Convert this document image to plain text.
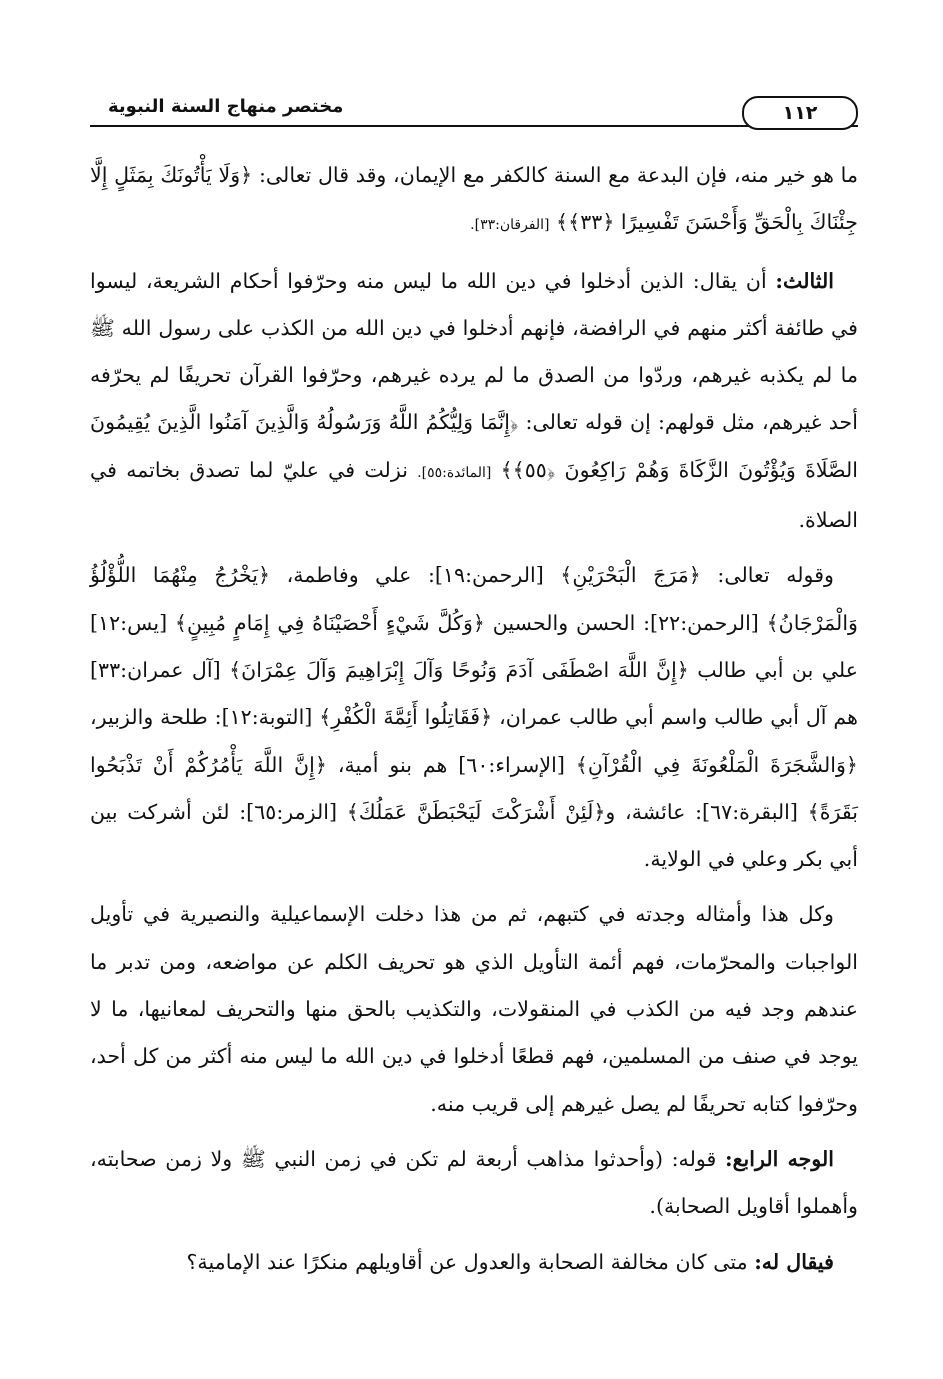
١١٢
مختصر منهاج السنة النبوية

ما هو خير منه، فإن البدعة مع السنة كالكفر مع الإيمان، وقد قال تعالى: ﴿وَلَا يَأْتُونَكَ بِمَثَلٍ إِلَّا جِئْنَاكَ بِالْحَقِّ وَأَحْسَنَ تَفْسِيرًا ﴿٣٣﴾﴾ [الفرقان:٣٣].

الثالث: أن يقال: الذين أدخلوا في دين الله ما ليس منه وحرّفوا أحكام الشريعة، ليسوا في طائفة أكثر منهم في الرافضة، فإنهم أدخلوا في دين الله من الكذب على رسول الله ﷺ ما لم يكذبه غيرهم، وردّوا من الصدق ما لم يرده غيرهم، وحرّفوا القرآن تحريفًا لم يحرّفه أحد غيرهم، مثل قولهم: إن قوله تعالى: ﴿إِنَّمَا وَلِيُّكُمُ اللَّهُ وَرَسُولُهُ وَالَّذِينَ آمَنُوا الَّذِينَ يُقِيمُونَ الصَّلَاةَ وَيُؤْتُونَ الزَّكَاةَ وَهُمْ رَاكِعُونَ ﴿٥٥﴾﴾ [المائدة:٥٥]. نزلت في عليّ لما تصدق بخاتمه في الصلاة.

وقوله تعالى: ﴿مَرَجَ الْبَحْرَيْنِ﴾ [الرحمن:١٩]: علي وفاطمة، ﴿يَخْرُجُ مِنْهُمَا اللُّؤْلُؤُ وَالْمَرْجَانُ﴾ [الرحمن:٢٢]: الحسن والحسين ﴿وَكُلَّ شَيْءٍ أَحْصَيْنَاهُ فِي إِمَامٍ مُبِينٍ﴾ [يس:١٢] علي بن أبي طالب ﴿إِنَّ اللَّهَ اصْطَفَى آدَمَ وَنُوحًا وَآلَ إِبْرَاهِيمَ وَآلَ عِمْرَانَ﴾ [آل عمران:٣٣] هم آل أبي طالب واسم أبي طالب عمران، ﴿فَقَاتِلُوا أَئِمَّةَ الْكُفْرِ﴾ [التوبة:١٢]: طلحة والزبير، ﴿وَالشَّجَرَةَ الْمَلْعُونَةَ فِي الْقُرْآنِ﴾ [الإسراء:٦٠] هم بنو أمية، ﴿إِنَّ اللَّهَ يَأْمُرُكُمْ أَنْ تَذْبَحُوا بَقَرَةً﴾ [البقرة:٦٧]: عائشة، و﴿لَئِنْ أَشْرَكْتَ لَيَحْبَطَنَّ عَمَلُكَ﴾ [الزمر:٦٥]: لئن أشركت بين أبي بكر وعلي في الولاية.

وكل هذا وأمثاله وجدته في كتبهم، ثم من هذا دخلت الإسماعيلية والنصيرية في تأويل الواجبات والمحرّمات، فهم أئمة التأويل الذي هو تحريف الكلم عن مواضعه، ومن تدبر ما عندهم وجد فيه من الكذب في المنقولات، والتكذيب بالحق منها والتحريف لمعانيها، ما لا يوجد في صنف من المسلمين، فهم قطعًا أدخلوا في دين الله ما ليس منه أكثر من كل أحد، وحرّفوا كتابه تحريفًا لم يصل غيرهم إلى قريب منه.

الوجه الرابع: قوله: (وأحدثوا مذاهب أربعة لم تكن في زمن النبي ﷺ ولا زمن صحابته، وأهملوا أقاويل الصحابة).

فيقال له: متى كان مخالفة الصحابة والعدول عن أقاويلهم منكرًا عند الإمامية؟
